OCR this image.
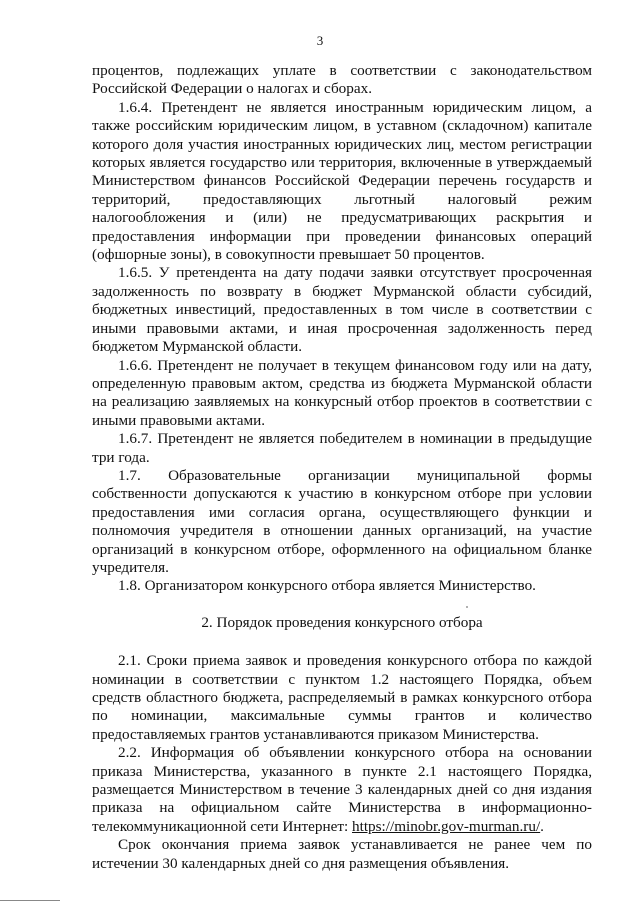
3

процентов, подлежащих уплате в соответствии с законодательством Российской Федерации о налогах и сборах.

1.6.4. Претендент не является иностранным юридическим лицом, а также российским юридическим лицом, в уставном (складочном) капитале которого доля участия иностранных юридических лиц, местом регистрации которых является государство или территория, включенные в утверждаемый Министерством финансов Российской Федерации перечень государств и территорий, предоставляющих льготный налоговый режим налогообложения и (или) не предусматривающих раскрытия и предоставления информации при проведении финансовых операций (офшорные зоны), в совокупности превышает 50 процентов.

1.6.5. У претендента на дату подачи заявки отсутствует просроченная задолженность по возврату в бюджет Мурманской области субсидий, бюджетных инвестиций, предоставленных в том числе в соответствии с иными правовыми актами, и иная просроченная задолженность перед бюджетом Мурманской области.

1.6.6. Претендент не получает в текущем финансовом году или на дату, определенную правовым актом, средства из бюджета Мурманской области на реализацию заявляемых на конкурсный отбор проектов в соответствии с иными правовыми актами.

1.6.7. Претендент не является победителем в номинации в предыдущие три года.

1.7. Образовательные организации муниципальной формы собственности допускаются к участию в конкурсном отборе при условии предоставления ими согласия органа, осуществляющего функции и полномочия учредителя в отношении данных организаций, на участие организаций в конкурсном отборе, оформленного на официальном бланке учредителя.

1.8. Организатором конкурсного отбора является Министерство.

2. Порядок проведения конкурсного отбора

2.1. Сроки приема заявок и проведения конкурсного отбора по каждой номинации в соответствии с пунктом 1.2 настоящего Порядка, объем средств областного бюджета, распределяемый в рамках конкурсного отбора по номинации, максимальные суммы грантов и количество предоставляемых грантов устанавливаются приказом Министерства.

2.2. Информация об объявлении конкурсного отбора на основании приказа Министерства, указанного в пункте 2.1 настоящего Порядка, размещается Министерством в течение 3 календарных дней со дня издания приказа на официальном сайте Министерства в информационно-телекоммуникационной сети Интернет: https://minobr.gov-murman.ru/.

Срок окончания приема заявок устанавливается не ранее чем по истечении 30 календарных дней со дня размещения объявления.
